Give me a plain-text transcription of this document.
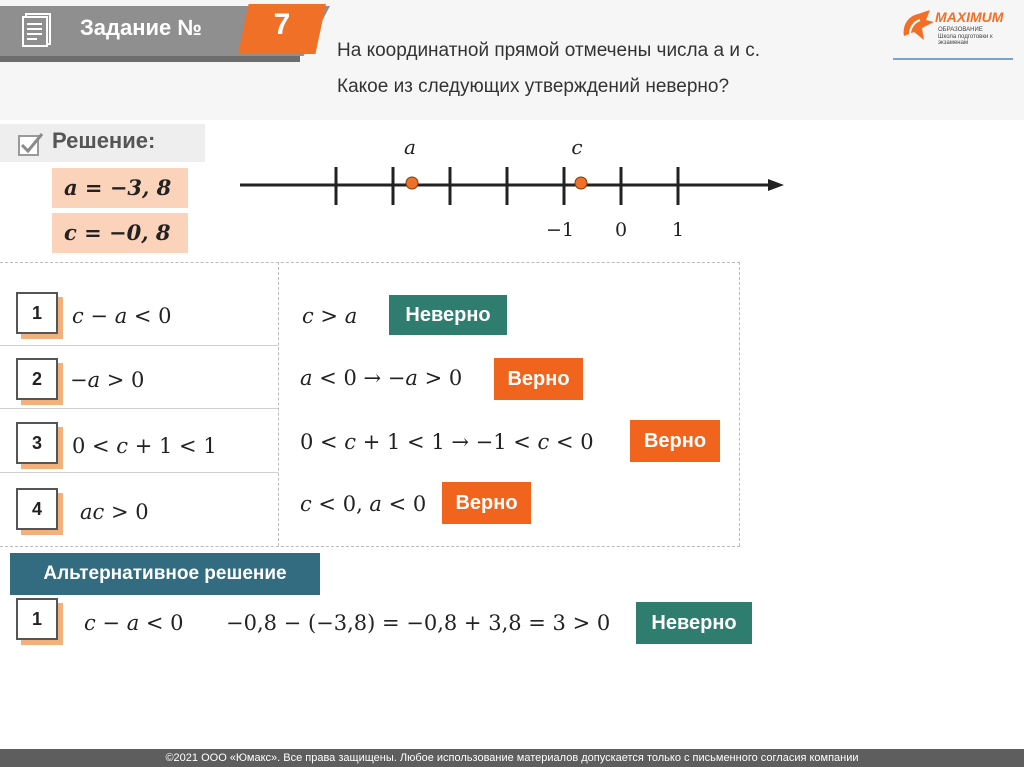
Задание №	7
На координатной прямой отмечены числа а и с.
Какое из следующих утверждений неверно?
MAXIMUM
ОБРАЗОВАНИЕ
Школа подготовки к экзаменам
Решение:
𝒂 = −3, 8
𝒄 = −0, 8
a	c
−1 0 1
1	𝑐 − 𝑎 < 0	𝑐 > 𝑎	Неверно
2	−𝑎 > 0	𝑎 < 0 → −𝑎 > 0	Верно
3	0 < 𝑐 + 1 < 1	0 < 𝑐 + 1 < 1 → −1 < 𝑐 < 0	Верно
4	𝑎𝑐 > 0	𝑐 < 0, 𝑎 < 0	Верно
Альтернативное решение
1	𝑐 − 𝑎 < 0 −0,8 − (−3,8) = −0,8 + 3,8 = 3 > 0	Неверно
©2021 ООО «Юмакс». Все права защищены. Любое использование материалов допускается только с письменного согласия компании
